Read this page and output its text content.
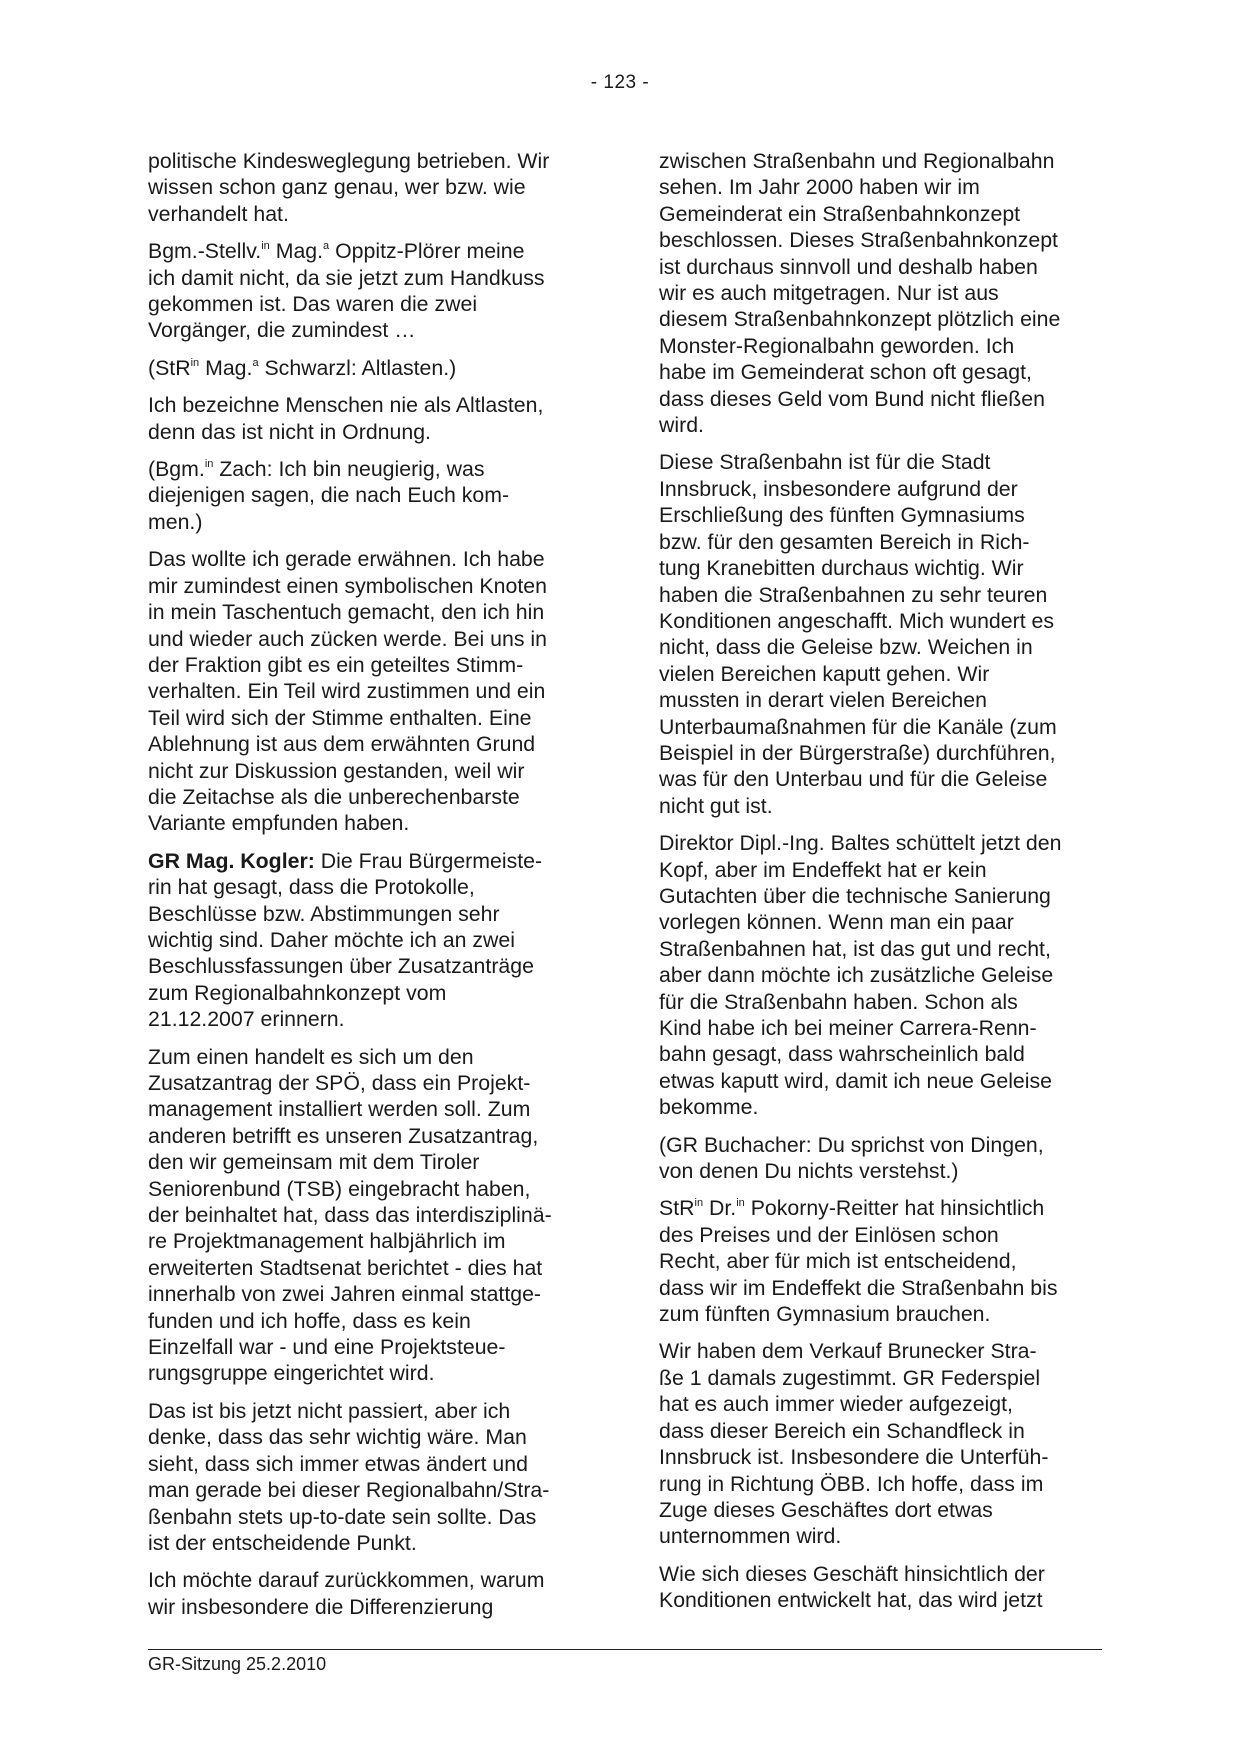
- 123 -
politische Kindesweglegung betrieben. Wir
wissen schon ganz genau, wer bzw. wie
verhandelt hat.
Bgm.-Stellv.$^{in}$ Mag.$^a$ Oppitz-Plörer meine
ich damit nicht, da sie jetzt zum Handkuss
gekommen ist. Das waren die zwei
Vorgänger, die zumindest …
(StR$^{in}$ Mag.$^a$ Schwarzl: Altlasten.)
Ich bezeichne Menschen nie als Altlasten,
denn das ist nicht in Ordnung.
(Bgm.$^{in}$ Zach: Ich bin neugierig, was
diejenigen sagen, die nach Euch kom-
men.)
Das wollte ich gerade erwähnen. Ich habe
mir zumindest einen symbolischen Knoten
in mein Taschentuch gemacht, den ich hin
und wieder auch zücken werde. Bei uns in
der Fraktion gibt es ein geteiltes Stimm-
verhalten. Ein Teil wird zustimmen und ein
Teil wird sich der Stimme enthalten. Eine
Ablehnung ist aus dem erwähnten Grund
nicht zur Diskussion gestanden, weil wir
die Zeitachse als die unberechenbarste
Variante empfunden haben.
GR Mag. Kogler: Die Frau Bürgermeiste-
rin hat gesagt, dass die Protokolle,
Beschlüsse bzw. Abstimmungen sehr
wichtig sind. Daher möchte ich an zwei
Beschlussfassungen über Zusatzanträge
zum Regionalbahnkonzept vom
21.12.2007 erinnern.
Zum einen handelt es sich um den
Zusatzantrag der SPÖ, dass ein Projekt-
management installiert werden soll. Zum
anderen betrifft es unseren Zusatzantrag,
den wir gemeinsam mit dem Tiroler
Seniorenbund (TSB) eingebracht haben,
der beinhaltet hat, dass das interdisziplinä-
re Projektmanagement halbjährlich im
erweiterten Stadtsenat berichtet - dies hat
innerhalb von zwei Jahren einmal stattge-
funden und ich hoffe, dass es kein
Einzelfall war - und eine Projektsteue-
rungsgruppe eingerichtet wird.
Das ist bis jetzt nicht passiert, aber ich
denke, dass das sehr wichtig wäre. Man
sieht, dass sich immer etwas ändert und
man gerade bei dieser Regionalbahn/Stra-
ßenbahn stets up-to-date sein sollte. Das
ist der entscheidende Punkt.
Ich möchte darauf zurückkommen, warum
wir insbesondere die Differenzierung
zwischen Straßenbahn und Regionalbahn
sehen. Im Jahr 2000 haben wir im
Gemeinderat ein Straßenbahnkonzept
beschlossen. Dieses Straßenbahnkonzept
ist durchaus sinnvoll und deshalb haben
wir es auch mitgetragen. Nur ist aus
diesem Straßenbahnkonzept plötzlich eine
Monster-Regionalbahn geworden. Ich
habe im Gemeinderat schon oft gesagt,
dass dieses Geld vom Bund nicht fließen
wird.
Diese Straßenbahn ist für die Stadt
Innsbruck, insbesondere aufgrund der
Erschließung des fünften Gymnasiums
bzw. für den gesamten Bereich in Rich-
tung Kranebitten durchaus wichtig. Wir
haben die Straßenbahnen zu sehr teuren
Konditionen angeschafft. Mich wundert es
nicht, dass die Geleise bzw. Weichen in
vielen Bereichen kaputt gehen. Wir
mussten in derart vielen Bereichen
Unterbaumaßnahmen für die Kanäle (zum
Beispiel in der Bürgerstraße) durchführen,
was für den Unterbau und für die Geleise
nicht gut ist.
Direktor Dipl.-Ing. Baltes schüttelt jetzt den
Kopf, aber im Endeffekt hat er kein
Gutachten über die technische Sanierung
vorlegen können. Wenn man ein paar
Straßenbahnen hat, ist das gut und recht,
aber dann möchte ich zusätzliche Geleise
für die Straßenbahn haben. Schon als
Kind habe ich bei meiner Carrera-Renn-
bahn gesagt, dass wahrscheinlich bald
etwas kaputt wird, damit ich neue Geleise
bekomme.
(GR Buchacher: Du sprichst von Dingen,
von denen Du nichts verstehst.)
StR$^{in}$ Dr.$^{in}$ Pokorny-Reitter hat hinsichtlich
des Preises und der Einlösen schon
Recht, aber für mich ist entscheidend,
dass wir im Endeffekt die Straßenbahn bis
zum fünften Gymnasium brauchen.
Wir haben dem Verkauf Brunecker Stra-
ße 1 damals zugestimmt. GR Federspiel
hat es auch immer wieder aufgezeigt,
dass dieser Bereich ein Schandfleck in
Innsbruck ist. Insbesondere die Unterfüh-
rung in Richtung ÖBB. Ich hoffe, dass im
Zuge dieses Geschäftes dort etwas
unternommen wird.
Wie sich dieses Geschäft hinsichtlich der
Konditionen entwickelt hat, das wird jetzt
GR-Sitzung 25.2.2010
